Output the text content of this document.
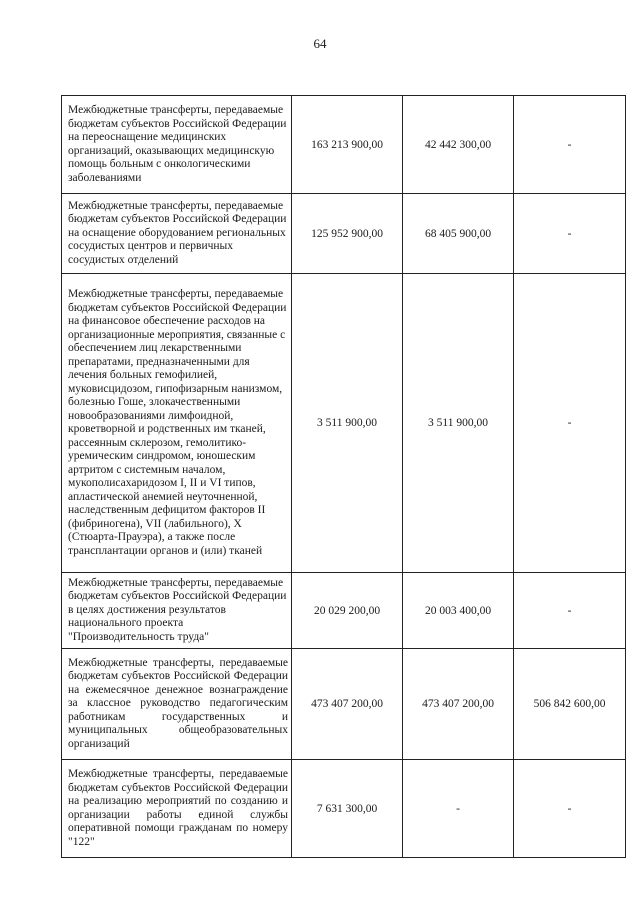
64
Межбюджетные трансферты, передаваемые бюджетам субъектов Российской Федерации на переоснащение медицинских организаций, оказывающих медицинскую помощь больным с онкологическими заболеваниями	163 213 900,00	42 442 300,00	-
Межбюджетные трансферты, передаваемые бюджетам субъектов Российской Федерации на оснащение оборудованием региональных сосудистых центров и первичных сосудистых отделений	125 952 900,00	68 405 900,00	-
Межбюджетные трансферты, передаваемые бюджетам субъектов Российской Федерации на финансовое обеспечение расходов на организационные мероприятия, связанные с обеспечением лиц лекарственными препаратами, предназначенными для лечения больных гемофилией, муковисцидозом, гипофизарным нанизмом, болезнью Гоше, злокачественными новообразованиями лимфоидной, кроветворной и родственных им тканей, рассеянным склерозом, гемолитико-уремическим синдромом, юношеским артритом с системным началом, мукополисахаридозом I, II и VI типов, апластической анемией неуточненной, наследственным дефицитом факторов II (фибриногена), VII (лабильного), X (Стюарта-Прауэра), а также после трансплантации органов и (или) тканей	3 511 900,00	3 511 900,00	-
Межбюджетные трансферты, передаваемые бюджетам субъектов Российской Федерации в целях достижения результатов национального проекта "Производительность труда"	20 029 200,00	20 003 400,00	-
Межбюджетные трансферты, передаваемые бюджетам субъектов Российской Федерации на ежемесячное денежное вознаграждение за классное руководство педагогическим работникам государственных и муниципальных общеобразовательных организаций	473 407 200,00	473 407 200,00	506 842 600,00
Межбюджетные трансферты, передаваемые бюджетам субъектов Российской Федерации на реализацию мероприятий по созданию и организации работы единой службы оперативной помощи гражданам по номеру "122"	7 631 300,00	-	-
